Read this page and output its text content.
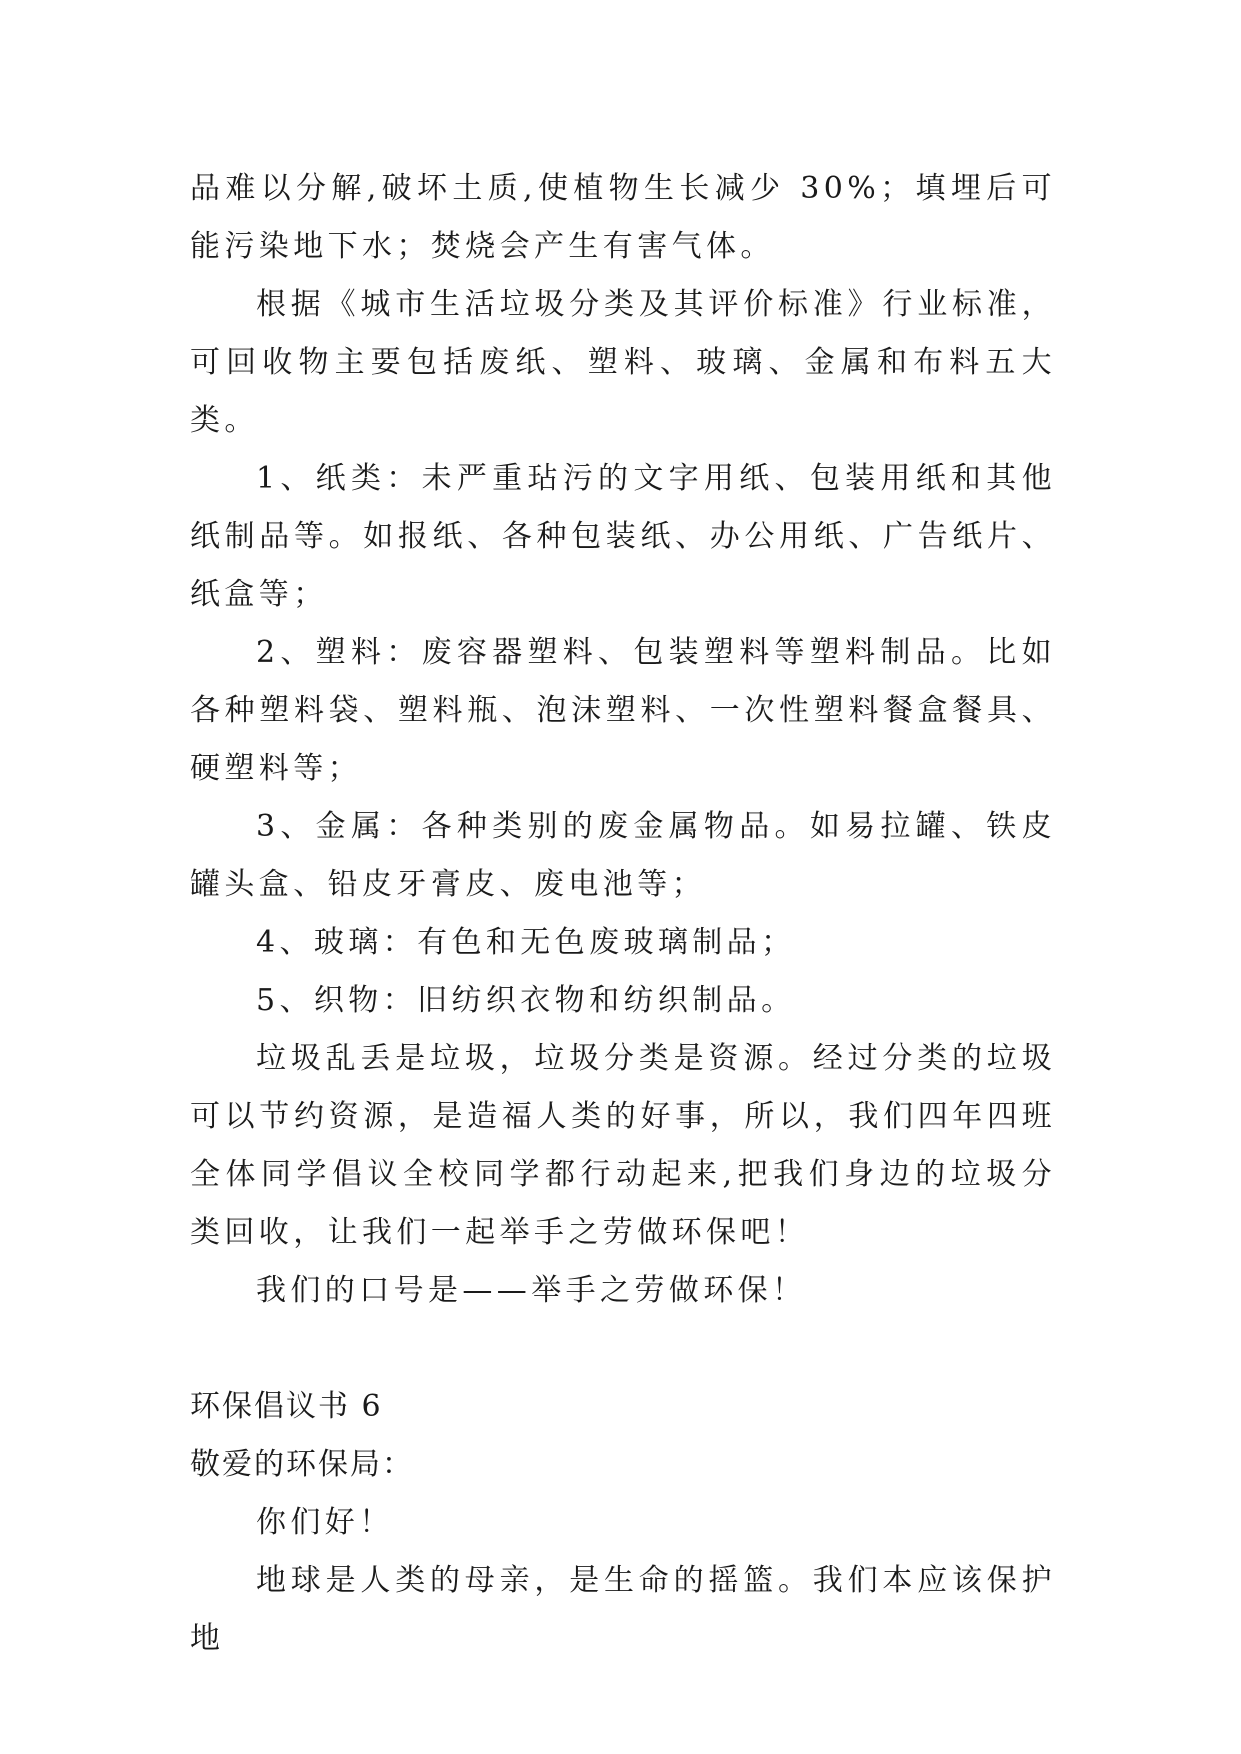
品难以分解,破坏土质,使植物生长减少 30%；填埋后可能污染地下水；焚烧会产生有害气体。

根据《城市生活垃圾分类及其评价标准》行业标准，可回收物主要包括废纸、塑料、玻璃、金属和布料五大类。

1、纸类：未严重玷污的文字用纸、包装用纸和其他纸制品等。如报纸、各种包装纸、办公用纸、广告纸片、纸盒等；

2、塑料：废容器塑料、包装塑料等塑料制品。比如各种塑料袋、塑料瓶、泡沫塑料、一次性塑料餐盒餐具、硬塑料等；

3、金属：各种类别的废金属物品。如易拉罐、铁皮罐头盒、铅皮牙膏皮、废电池等；

4、玻璃：有色和无色废玻璃制品；

5、织物：旧纺织衣物和纺织制品。

垃圾乱丢是垃圾，垃圾分类是资源。经过分类的垃圾可以节约资源，是造福人类的好事，所以，我们四年四班全体同学倡议全校同学都行动起来,把我们身边的垃圾分类回收，让我们一起举手之劳做环保吧！

我们的口号是——举手之劳做环保！

环保倡议书 6

敬爱的环保局：

你们好！

地球是人类的母亲，是生命的摇篮。我们本应该保护地
